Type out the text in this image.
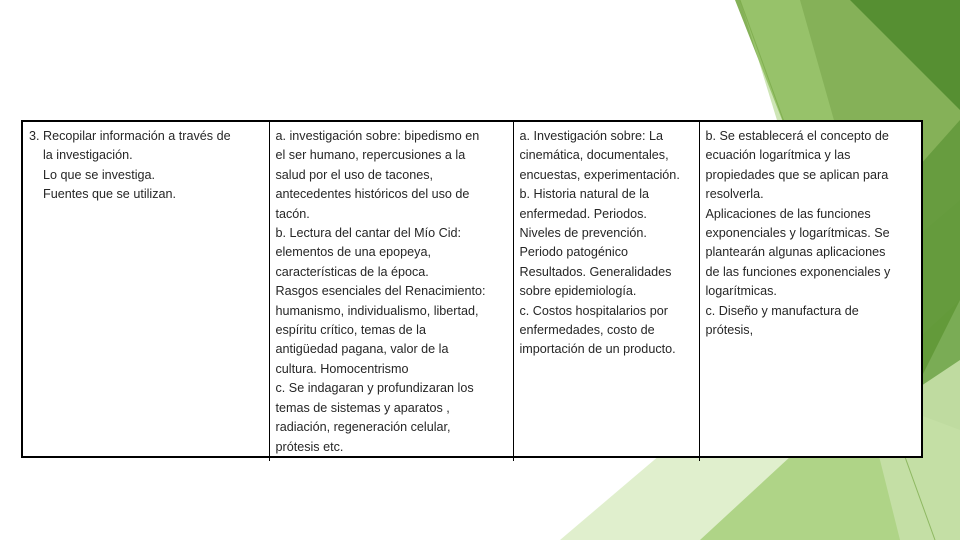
3. Recopilar información a través de
la investigación.
Lo que se investiga.
Fuentes que se utilizan.

a. investigación sobre: bipedismo en
el ser humano, repercusiones a la
salud por el uso de tacones,
antecedentes históricos del uso de
tacón.
b. Lectura del cantar del Mío Cid:
elementos de una epopeya,
características de la época.
Rasgos esenciales del Renacimiento:
humanismo, individualismo, libertad,
espíritu crítico, temas de la
antigüedad pagana, valor de la
cultura. Homocentrismo
c. Se indagaran y profundizaran los
temas de sistemas y aparatos ,
radiación, regeneración celular,
prótesis etc.

a. Investigación sobre: La
cinemática, documentales,
encuestas, experimentación.
b. Historia natural de la
enfermedad. Periodos.
Niveles de prevención.
Periodo patogénico
Resultados. Generalidades
sobre epidemiología.
c. Costos hospitalarios por
enfermedades, costo de
importación de un producto.

b. Se establecerá el concepto de
ecuación logarítmica y las
propiedades que se aplican para
resolverla.
Aplicaciones de las funciones
exponenciales y logarítmicas. Se
plantearán algunas aplicaciones
de las funciones exponenciales y
logarítmicas.
c. Diseño y manufactura de
prótesis,
